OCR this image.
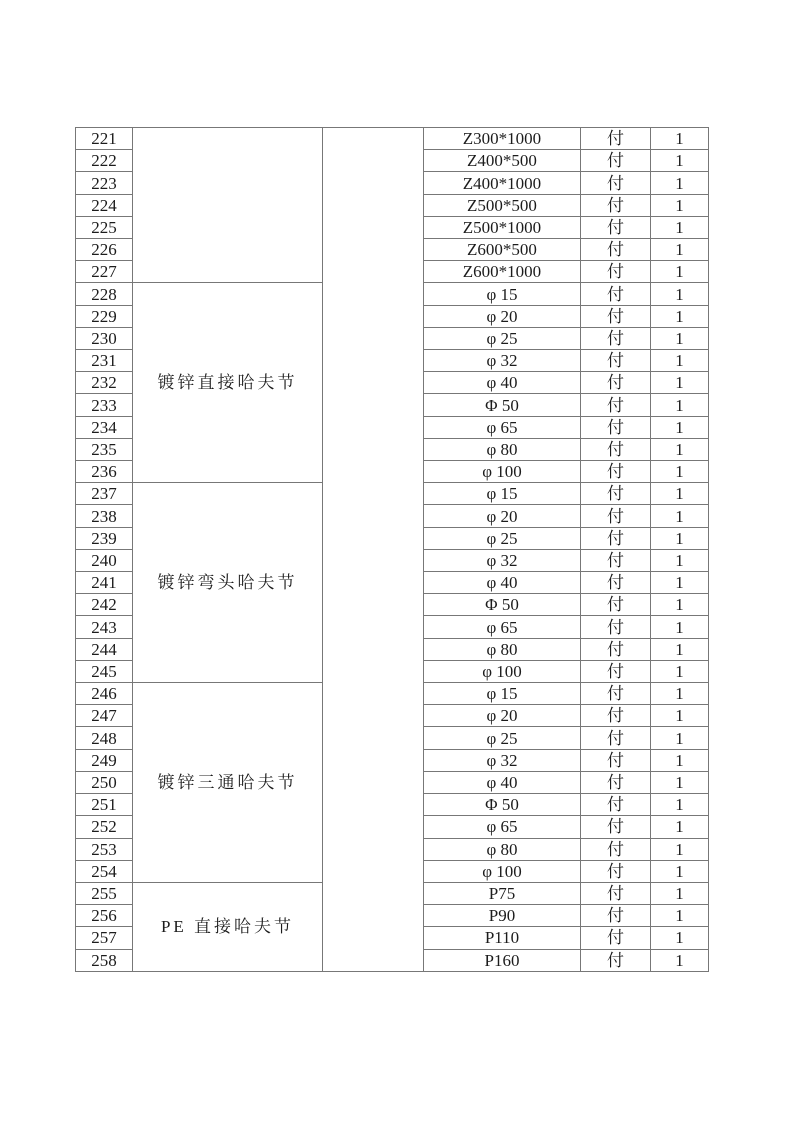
221			Z300*1000	付	1
222			Z400*500	付	1
223			Z400*1000	付	1
224			Z500*500	付	1
225			Z500*1000	付	1
226			Z600*500	付	1
227			Z600*1000	付	1
228	镀锌直接哈夫节		φ 15	付	1
229			φ 20	付	1
230			φ 25	付	1
231			φ 32	付	1
232			φ 40	付	1
233			Φ 50	付	1
234			φ 65	付	1
235			φ 80	付	1
236			φ 100	付	1
237	镀锌弯头哈夫节		φ 15	付	1
238			φ 20	付	1
239			φ 25	付	1
240			φ 32	付	1
241			φ 40	付	1
242			Φ 50	付	1
243			φ 65	付	1
244			φ 80	付	1
245			φ 100	付	1
246	镀锌三通哈夫节		φ 15	付	1
247			φ 20	付	1
248			φ 25	付	1
249			φ 32	付	1
250			φ 40	付	1
251			Φ 50	付	1
252			φ 65	付	1
253			φ 80	付	1
254			φ 100	付	1
255	PE 直接哈夫节		P75	付	1
256			P90	付	1
257			P110	付	1
258			P160	付	1
